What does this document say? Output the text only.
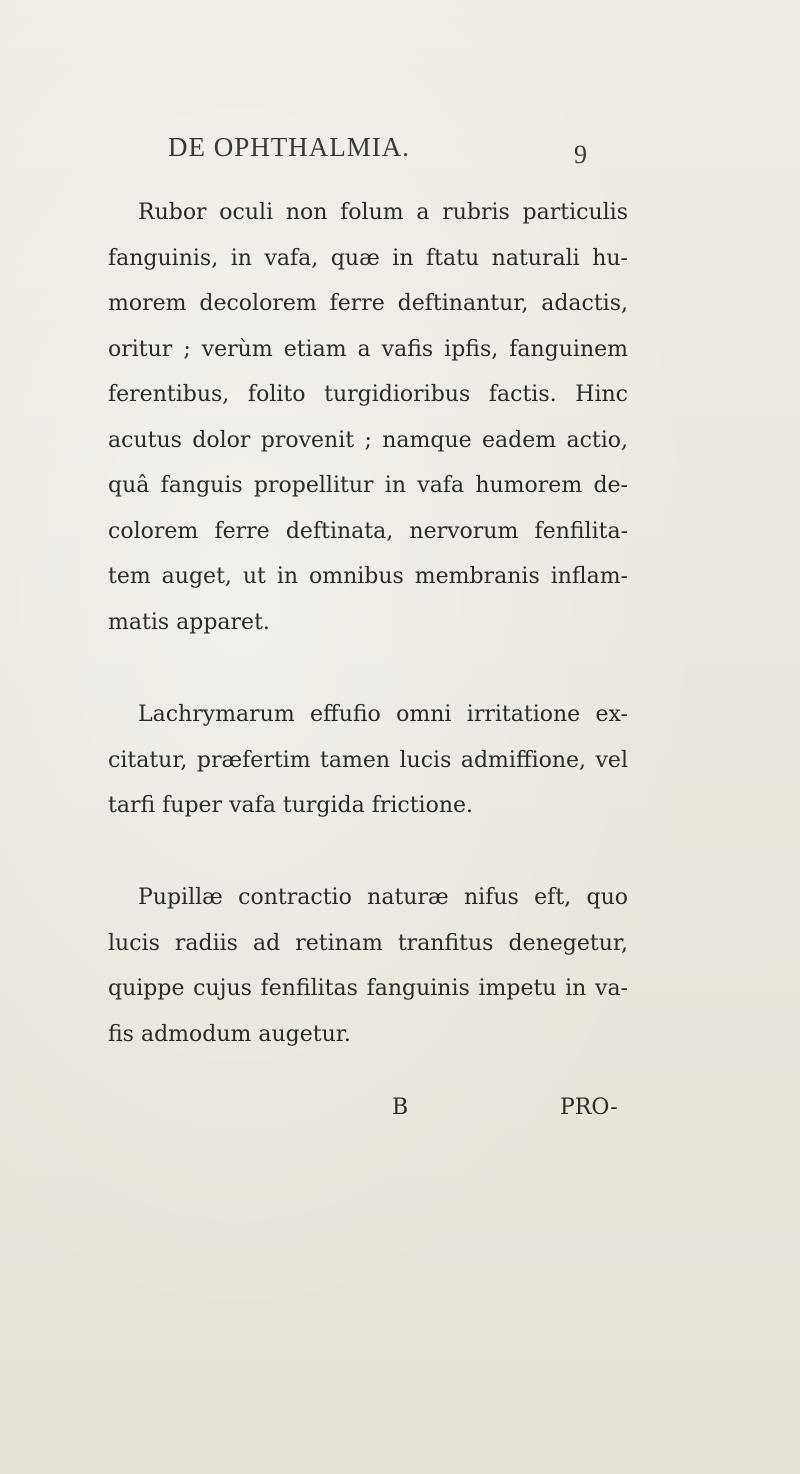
DE OPHTHALMIA.	9

Rubor oculi non folum a rubris particulis fanguinis, in vafa, quæ in ftatu naturali hu-morem decolorem ferre deftinantur, adactis, oritur ; verùm etiam a vafis ipfis, fanguinem ferentibus, folito turgidioribus factis. Hinc acutus dolor provenit ; namque eadem actio, quâ fanguis propellitur in vafa humorem de-colorem ferre deftinata, nervorum fenfilita-tem auget, ut in omnibus membranis inflam-matis apparet.

Lachrymarum effufio omni irritatione ex-citatur, præfertim tamen lucis admiffione, vel tarfi fuper vafa turgida frictione.

Pupillæ contractio naturæ nifus eft, quo lucis radiis ad retinam tranfitus denegetur, quippe cujus fenfilitas fanguinis impetu in va-fis admodum augetur.

B	PRO-
